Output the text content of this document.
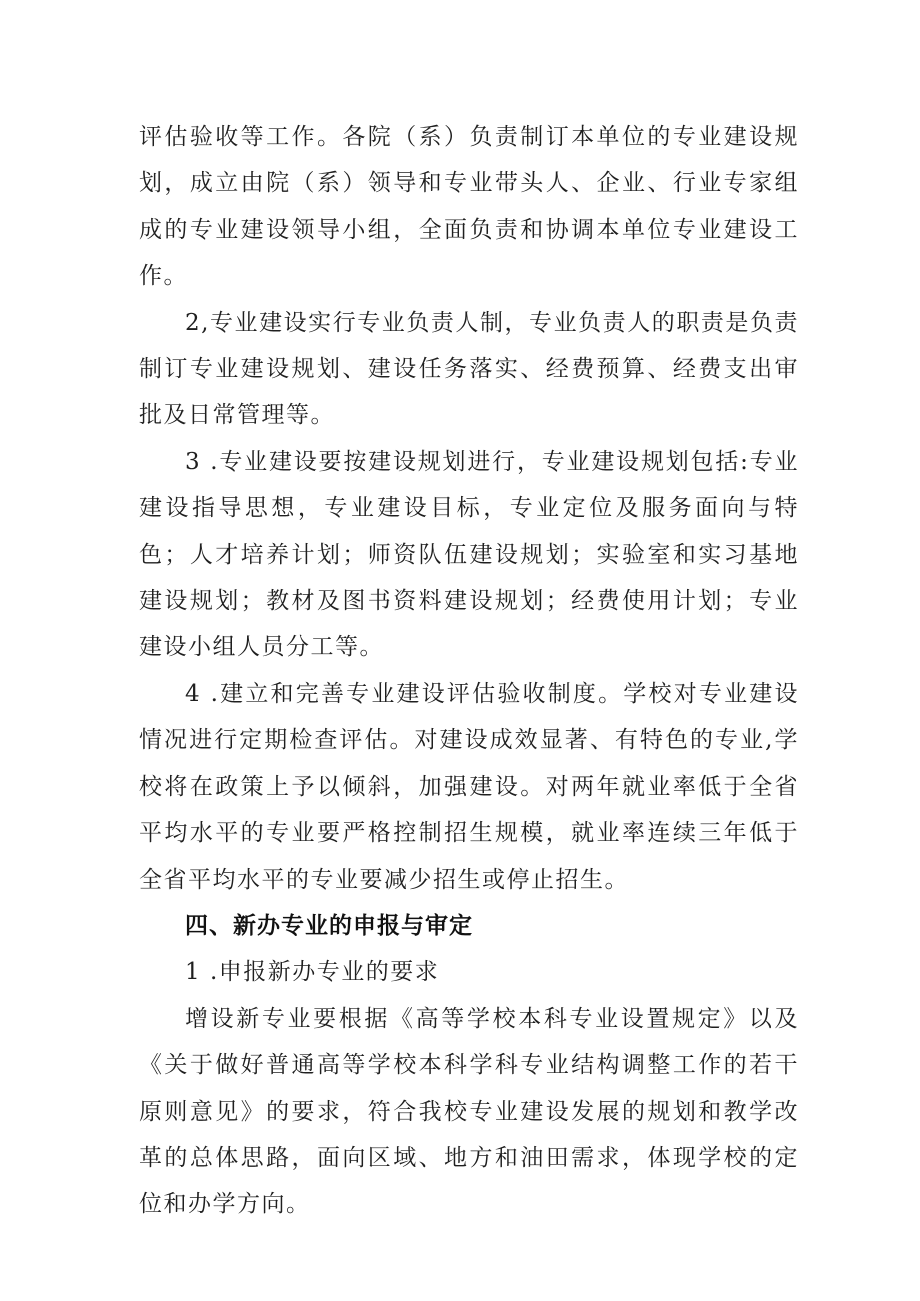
评估验收等工作。各院（系）负责制订本单位的专业建设规划，成立由院（系）领导和专业带头人、企业、行业专家组成的专业建设领导小组，全面负责和协调本单位专业建设工作。

2,专业建设实行专业负责人制，专业负责人的职责是负责制订专业建设规划、建设任务落实、经费预算、经费支出审批及日常管理等。

3 .专业建设要按建设规划进行，专业建设规划包括:专业建设指导思想，专业建设目标，专业定位及服务面向与特色；人才培养计划；师资队伍建设规划；实验室和实习基地建设规划；教材及图书资料建设规划；经费使用计划；专业建设小组人员分工等。

4 .建立和完善专业建设评估验收制度。学校对专业建设情况进行定期检查评估。对建设成效显著、有特色的专业,学校将在政策上予以倾斜，加强建设。对两年就业率低于全省平均水平的专业要严格控制招生规模，就业率连续三年低于全省平均水平的专业要减少招生或停止招生。

四、新办专业的申报与审定

1 .申报新办专业的要求

增设新专业要根据《高等学校本科专业设置规定》以及《关于做好普通高等学校本科学科专业结构调整工作的若干原则意见》的要求，符合我校专业建设发展的规划和教学改革的总体思路，面向区域、地方和油田需求，体现学校的定位和办学方向。
